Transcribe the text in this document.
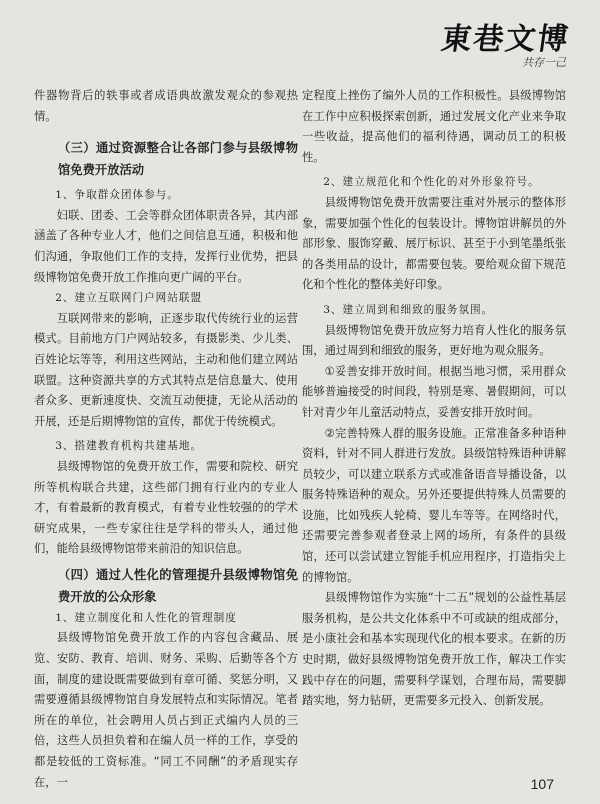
東巷文博
共存一己

件器物背后的轶事或者成语典故激发观众的参观热情。

（三）通过资源整合让各部门参与县级博物馆免费开放活动

1、争取群众团体参与。

妇联、团委、工会等群众团体职责各异，其内部涵盖了各种专业人才，他们之间信息互通，积极和他们沟通，争取他们工作的支持，发挥行业优势，把县级博物馆免费开放工作推向更广阔的平台。

2、建立互联网门户网站联盟

互联网带来的影响，正逐步取代传统行业的运营模式。目前地方门户网站较多，有摄影类、少儿类、百姓论坛等等，利用这些网站，主动和他们建立网站联盟。这种资源共享的方式其特点是信息量大、使用者众多、更新速度快、交流互动便捷，无论从活动的开展，还是后期博物馆的宣传，都优于传统模式。

3、搭建教育机构共建基地。

县级博物馆的免费开放工作，需要和院校、研究所等机构联合共建，这些部门拥有行业内的专业人才，有着最新的教育模式，有着专业性较强的的学术研究成果，一些专家往往是学科的带头人，通过他们，能给县级博物馆带来前沿的知识信息。

（四）通过人性化的管理提升县级博物馆免费开放的公众形象

1、建立制度化和人性化的管理制度

县级博物馆免费开放工作的内容包含藏品、展览、安防、教育、培训、财务、采购、后勤等各个方面，制度的建设既需要做到有章可循、奖惩分明，又需要遵循县级博物馆自身发展特点和实际情况。笔者所在的单位，社会聘用人员占到正式编内人员的三倍，这些人员担负着和在编人员一样的工作，享受的都是较低的工资标准。“同工不同酬”的矛盾现实存在，一

定程度上挫伤了编外人员的工作积极性。县级博物馆在工作中应积极探索创新，通过发展文化产业来争取一些收益，提高他们的福利待遇，调动员工的积极性。

2、建立规范化和个性化的对外形象符号。

县级博物馆免费开放需要注重对外展示的整体形象，需要加强个性化的包装设计。博物馆讲解员的外部形象、服饰穿戴、展厅标识、甚至于小到笔墨纸张的各类用品的设计，都需要包装。要给观众留下规范化和个性化的整体美好印象。

3、建立周到和细致的服务氛围。

县级博物馆免费开放应努力培育人性化的服务氛围，通过周到和细致的服务，更好地为观众服务。

①妥善安排开放时间。根据当地习惯，采用群众能够普遍接受的时间段，特别是寒、暑假期间，可以针对青少年儿童活动特点，妥善安排开放时间。

②完善特殊人群的服务设施。正常准备多种语种资料，针对不同人群进行发放。县级馆特殊语种讲解员较少，可以建立联系方式或准备语音导播设备，以服务特殊语种的观众。另外还要提供特殊人员需要的设施，比如残疾人轮椅、婴儿车等等。在网络时代，还需要完善参观者登录上网的场所，有条件的县级馆，还可以尝试建立智能手机应用程序，打造指尖上的博物馆。

县级博物馆作为实施“十二五”规划的公益性基层服务机构，是公共文化体系中不可或缺的组成部分，是小康社会和基本实现现代化的根本要求。在新的历史时期，做好县级博物馆免费开放工作，解决工作实践中存在的问题，需要科学谋划，合理布局，需要脚踏实地，努力钻研，更需要多元投入、创新发展。

107
